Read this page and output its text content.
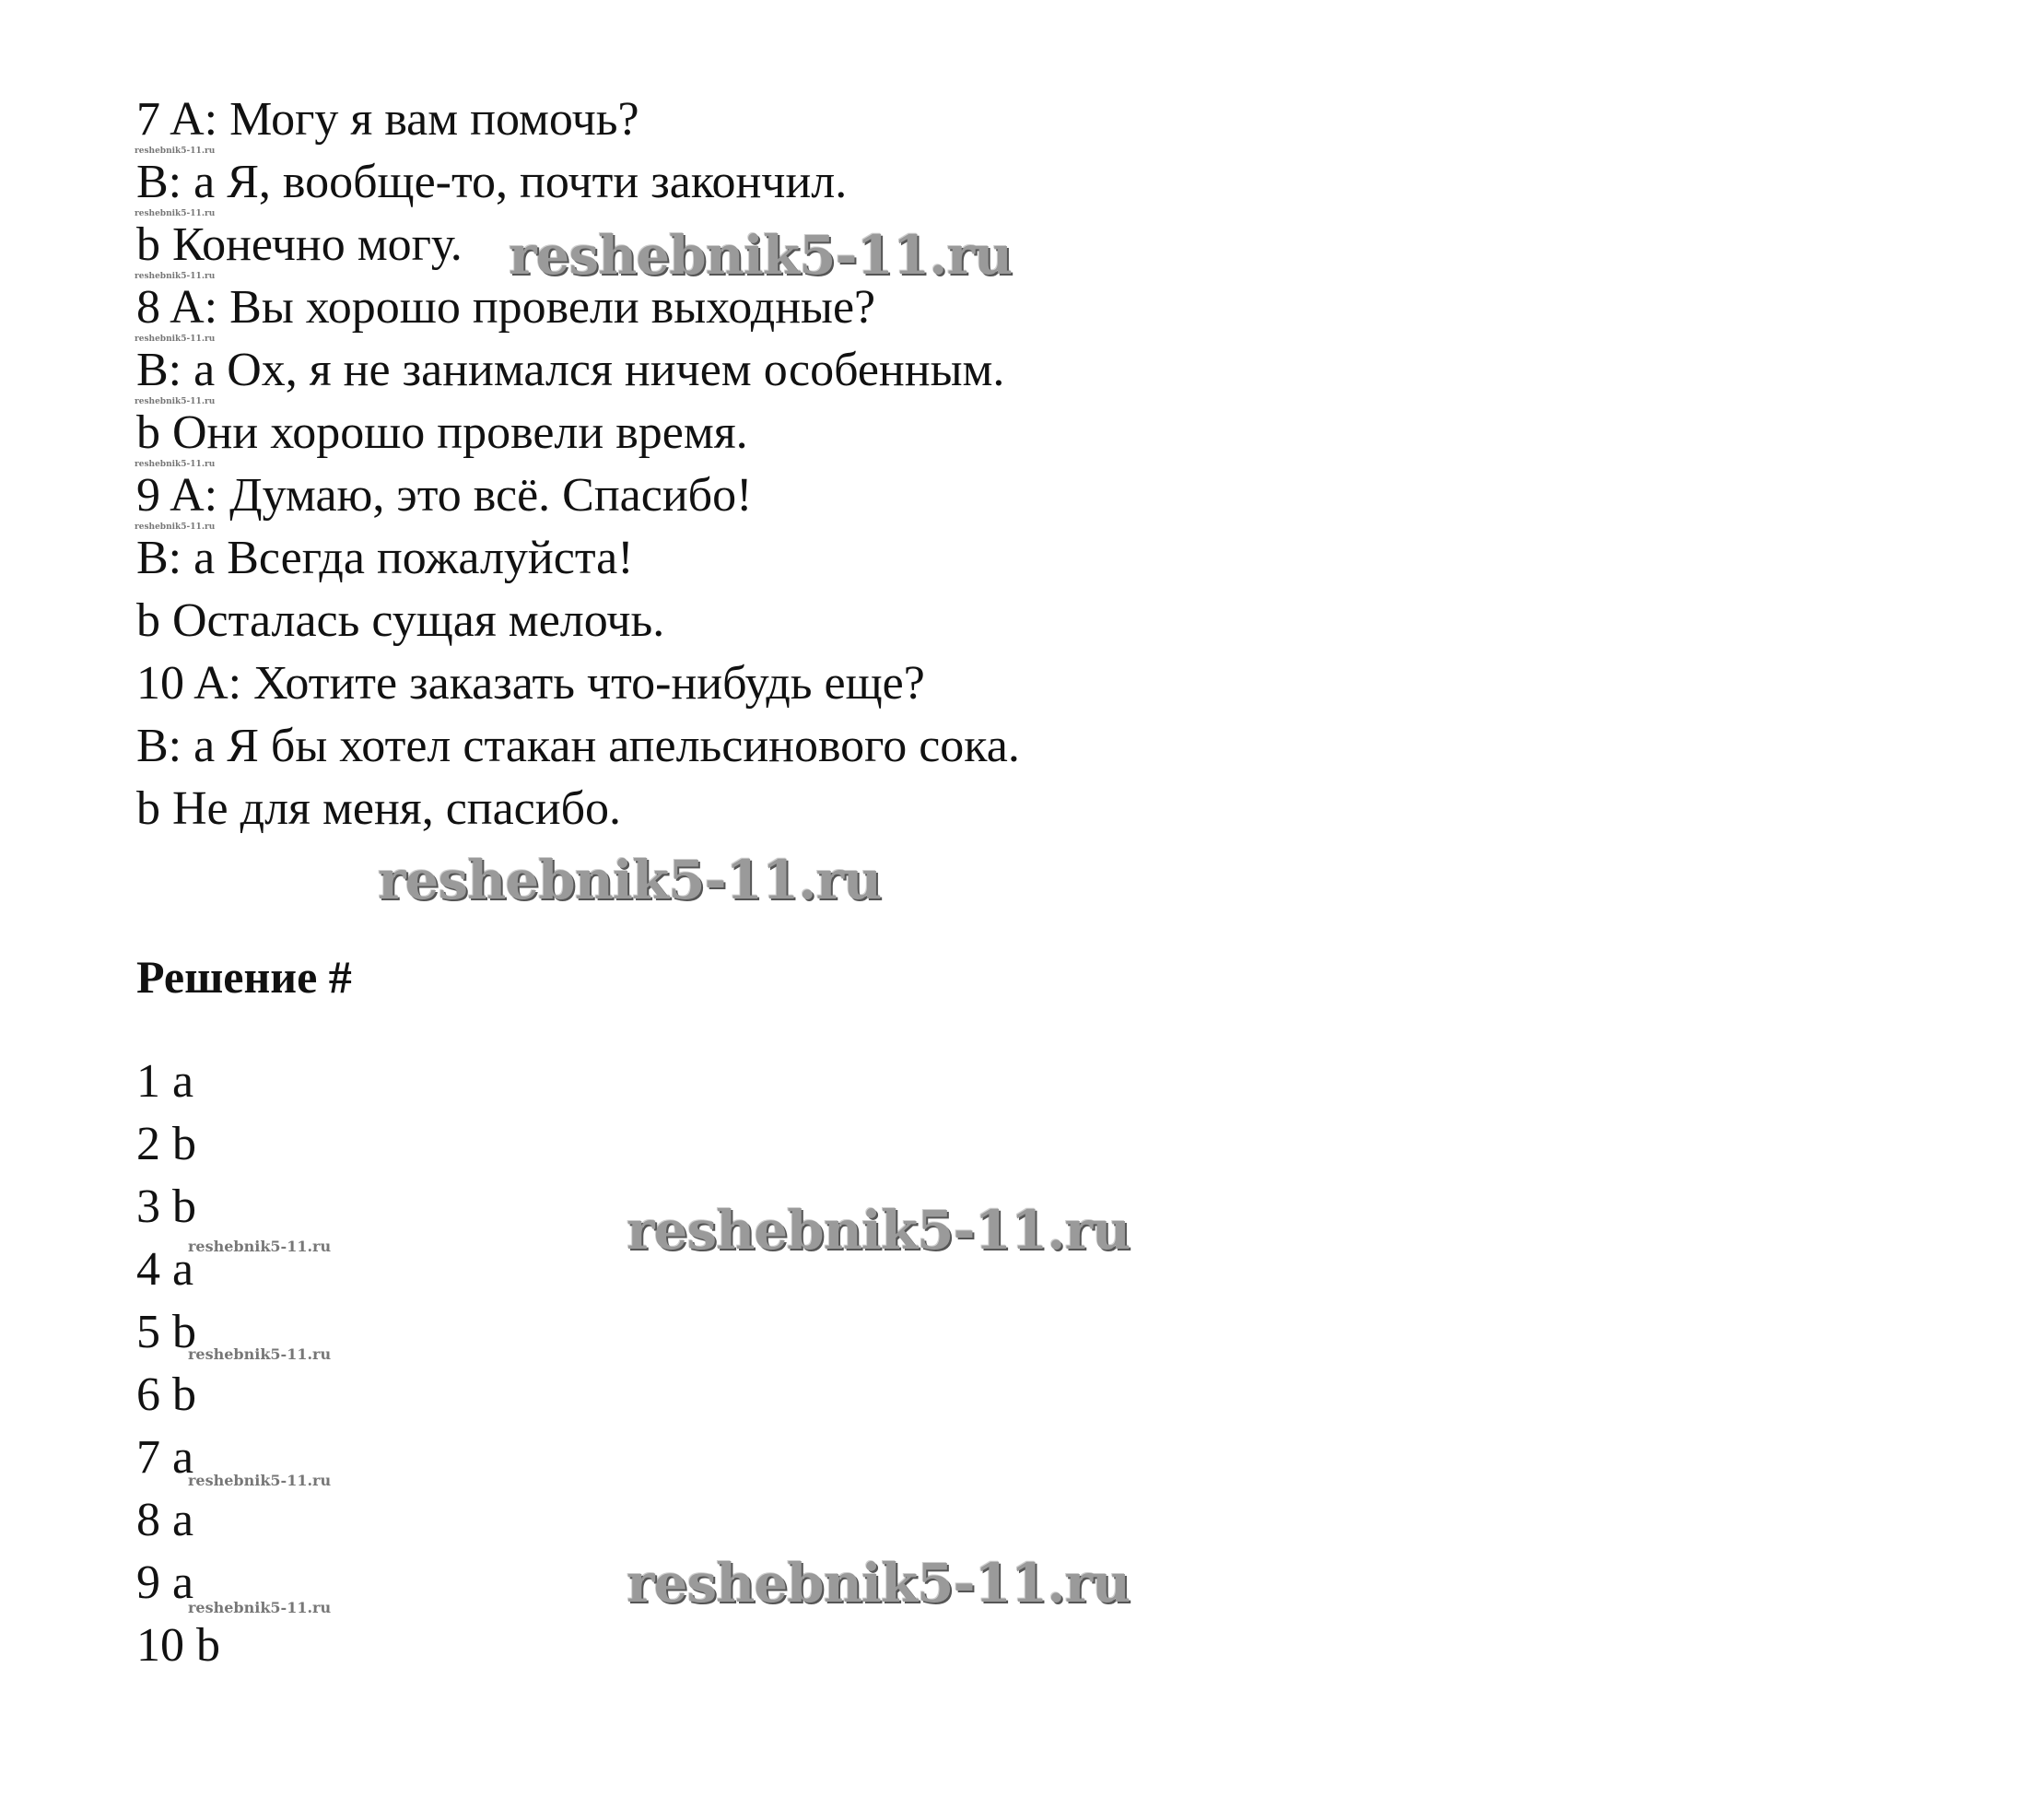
7 A: Могу я вам помочь?
B: a Я, вообще-то, почти закончил.
b Конечно могу.
8 A: Вы хорошо провели выходные?
B: a Ох, я не занимался ничем особенным.
b Они хорошо провели время.
9 A: Думаю, это всё. Спасибо!
B: a Всегда пожалуйста!
b Осталась сущая мелочь.
10 A: Хотите заказать что-нибудь еще?
B: a Я бы хотел стакан апельсинового сока.
b Не для меня, спасибо.
Решение #
1 a
2 b
3 b
4 a
5 b
6 b
7 a
8 a
9 a
10 b
reshebnik5-11.ru
reshebnik5-11.ru
reshebnik5-11.ru
reshebnik5-11.ru
reshebnik5-11.ru
reshebnik5-11.ru
reshebnik5-11.ru
reshebnik5-11.ru
reshebnik5-11.ru
reshebnik5-11.ru
reshebnik5-11.ru
reshebnik5-11.ru
reshebnik5-11.ru
reshebnik5-11.ru
reshebnik5-11.ru
